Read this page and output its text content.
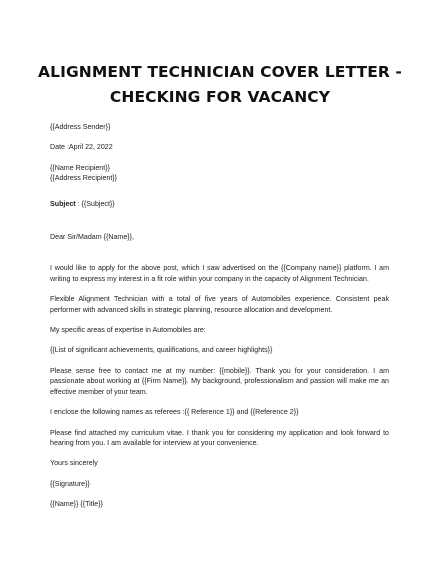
ALIGNMENT TECHNICIAN COVER LETTER - CHECKING FOR VACANCY

{{Address Sender}}

Date :April 22, 2022

{{Name Recipient}}

{{Address Recipient}}

Subject : {{Subject}}

Dear Sir/Madam {{Name}},

I would like to apply for the above post, which I saw advertised on the {{Company name}} platform. I am writing to express my interest in a fit role within your company in the capacity of Alignment Technician.

Flexible Alignment Technician with a total of five years of Automobiles experience. Consistent peak performer with advanced skills in strategic planning, resource allocation and development.

My specific areas of expertise in Automobiles are:

{{List of significant achievements, qualifications, and career highlights}}

Please sense free to contact me at my number: {{mobile}}. Thank you for your consideration. I am passionate about working at {{Firm Name}}. My background, professionalism and passion will make me an effective member of your team.

I enclose the following names as referees :{{ Reference 1}} and {{Reference 2}}

Please find attached my curriculum vitae. I thank you for considering my application and look forward to hearing from you. I am available for interview at your convenience.

Yours sincerely

{{Signature}}

{{Name}} {{Title}}
